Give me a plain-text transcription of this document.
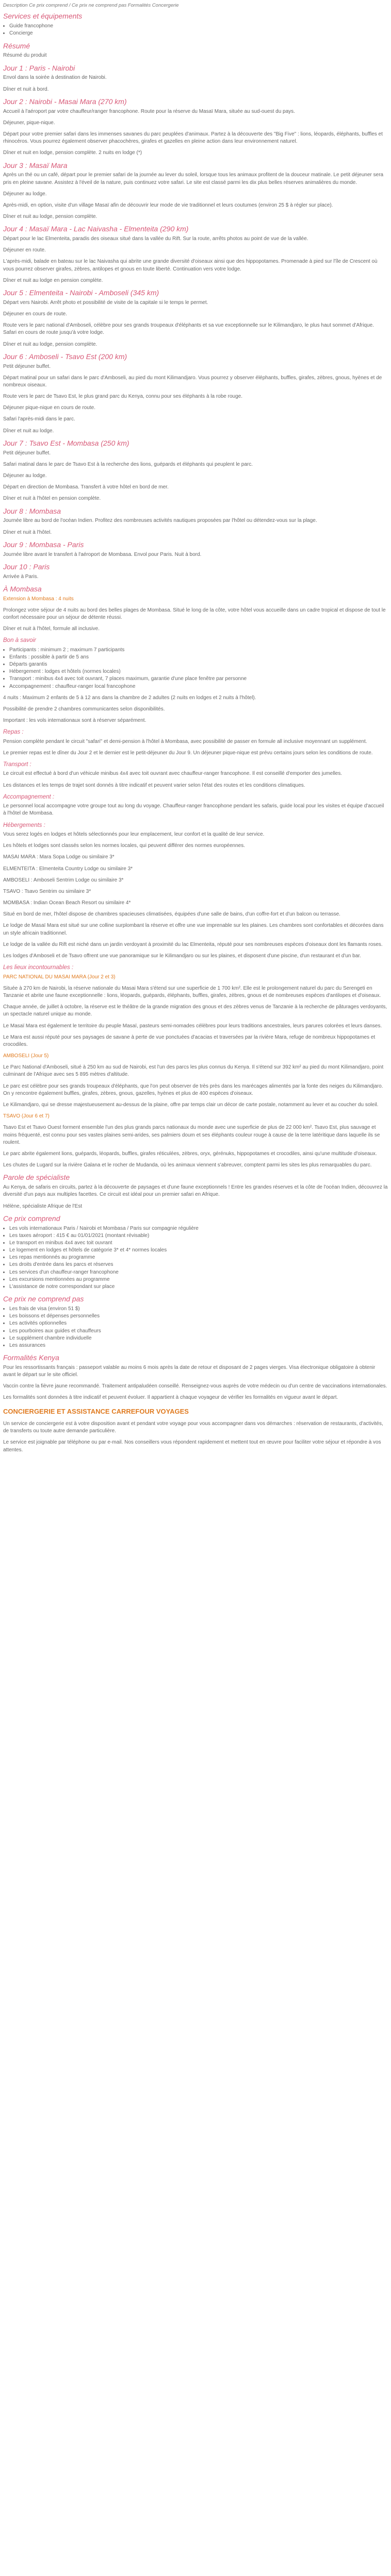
Description Ce prix comprend / Ce prix ne comprend pas Formalités Concergerie
Services et équipements
• Guide francophone
• Concierge
Résumé

Résumé du produit

Jour 1 : Paris - Nairobi

Envol dans la soirée à destination de Nairobi.

Dîner et nuit à bord.

Jour 2 : Nairobi - Masai Mara (270 km)

Accueil à l'aéroport par votre chauffeur/ranger francophone. Route pour la réserve du Masaï Mara, située au sud-ouest du pays.

Déjeuner, pique-nique.

Départ pour votre premier safari dans les immenses savanes du parc peuplées d'animaux. Partez à la découverte des "Big Five" : lions, léopards, éléphants, buffles et rhinocéros. Vous pourrez également observer phacochères, girafes et gazelles en pleine action dans leur environnement naturel.

Dîner et nuit en lodge, pension complète. 2 nuits en lodge (*)

Jour 3 : Masaï Mara

Après un thé ou un café, départ pour le premier safari de la journée au lever du soleil, lorsque tous les animaux profitent de la douceur matinale. Le petit déjeuner sera pris en pleine savane. Assistez à l'éveil de la nature, puis continuez votre safari. Le site est classé parmi les dix plus belles réserves animalières du monde.

Déjeuner au lodge.

Après-midi, en option, visite d'un village Masaï afin de découvrir leur mode de vie traditionnel et leurs coutumes (environ 25 $ à régler sur place).

Dîner et nuit au lodge, pension complète.

Jour 4 : Masaï Mara - Lac Naivasha - Elmenteita (290 km)

Départ pour le lac Elmenteita, paradis des oiseaux situé dans la vallée du Rift. Sur la route, arrêts photos au point de vue de la vallée.

Déjeuner en route.

L'après-midi, balade en bateau sur le lac Naivasha qui abrite une grande diversité d'oiseaux ainsi que des hippopotames. Promenade à pied sur l'île de Crescent où vous pourrez observer girafes, zèbres, antilopes et gnous en toute liberté. Continuation vers votre lodge.

Dîner et nuit au lodge en pension complète.

Jour 5 : Elmenteita - Nairobi - Amboseli (345 km)

Départ vers Nairobi. Arrêt photo et possibilité de visite de la capitale si le temps le permet.

Déjeuner en cours de route.

Route vers le parc national d'Amboseli, célèbre pour ses grands troupeaux d'éléphants et sa vue exceptionnelle sur le Kilimandjaro, le plus haut sommet d'Afrique. Safari en cours de route jusqu'à votre lodge.

Dîner et nuit au lodge, pension complète.

Jour 6 : Amboseli - Tsavo Est (200 km)

Petit déjeuner buffet.

Départ matinal pour un safari dans le parc d'Amboseli, au pied du mont Kilimandjaro. Vous pourrez y observer éléphants, buffles, girafes, zèbres, gnous, hyènes et de nombreux oiseaux.

Route vers le parc de Tsavo Est, le plus grand parc du Kenya, connu pour ses éléphants à la robe rouge.

Déjeuner pique-nique en cours de route.

Safari l'après-midi dans le parc.

Dîner et nuit au lodge.

Jour 7 : Tsavo Est - Mombasa (250 km)

Petit déjeuner buffet.

Safari matinal dans le parc de Tsavo Est à la recherche des lions, guépards et éléphants qui peuplent le parc.

Déjeuner au lodge.

Départ en direction de Mombasa. Transfert à votre hôtel en bord de mer.

Dîner et nuit à l'hôtel en pension complète.

Jour 8 : Mombasa

Journée libre au bord de l'océan Indien. Profitez des nombreuses activités nautiques proposées par l'hôtel ou détendez-vous sur la plage.

Dîner et nuit à l'hôtel.

Jour 9 : Mombasa - Paris

Journée libre avant le transfert à l'aéroport de Mombasa. Envol pour Paris. Nuit à bord.

Jour 10 : Paris

Arrivée à Paris.

À Mombasa

Extension à Mombasa : 4 nuits

Prolongez votre séjour de 4 nuits au bord des belles plages de Mombasa. Situé le long de la côte, votre hôtel vous accueille dans un cadre tropical et dispose de tout le confort nécessaire pour un séjour de détente réussi.

Dîner et nuit à l'hôtel, formule all inclusive.

Bon à savoir
• Participants : minimum 2 ; maximum 7 participants
• Enfants : possible à partir de 5 ans
• Départs garantis
• Hébergement : lodges et hôtels (normes locales)
• Transport : minibus 4x4 avec toit ouvrant, 7 places maximum, garantie d'une place fenêtre par personne
• Accompagnement : chauffeur-ranger local francophone

4 nuits : Maximum 2 enfants de 5 à 12 ans dans la chambre de 2 adultes (2 nuits en lodges et 2 nuits à l'hôtel).

Possibilité de prendre 2 chambres communicantes selon disponibilités.

Important : les vols internationaux sont à réserver séparément.

Repas :

Pension complète pendant le circuit "safari" et demi-pension à l'hôtel à Mombasa, avec possibilité de passer en formule all inclusive moyennant un supplément.

Le premier repas est le dîner du Jour 2 et le dernier est le petit-déjeuner du Jour 9. Un déjeuner pique-nique est prévu certains jours selon les conditions de route.

Transport :

Le circuit est effectué à bord d'un véhicule minibus 4x4 avec toit ouvrant avec chauffeur-ranger francophone. Il est conseillé d'emporter des jumelles.

Les distances et les temps de trajet sont donnés à titre indicatif et peuvent varier selon l'état des routes et les conditions climatiques.

Accompagnement :

Le personnel local accompagne votre groupe tout au long du voyage. Chauffeur-ranger francophone pendant les safaris, guide local pour les visites et équipe d'accueil à l'hôtel de Mombasa.

Hébergements :

Vous serez logés en lodges et hôtels sélectionnés pour leur emplacement, leur confort et la qualité de leur service.

Les hôtels et lodges sont classés selon les normes locales, qui peuvent différer des normes européennes.

MASAI MARA : Mara Sopa Lodge ou similaire 3*

ELMENTEITA : Elmenteita Country Lodge ou similaire 3*

AMBOSELI : Amboseli Sentrim Lodge ou similaire 3*

TSAVO : Tsavo Sentrim ou similaire 3*

MOMBASA : Indian Ocean Beach Resort ou similaire 4*

Situé en bord de mer, l'hôtel dispose de chambres spacieuses climatisées, équipées d'une salle de bains, d'un coffre-fort et d'un balcon ou terrasse.

Le lodge de Masaï Mara est situé sur une colline surplombant la réserve et offre une vue imprenable sur les plaines. Les chambres sont confortables et décorées dans un style africain traditionnel.

Le lodge de la vallée du Rift est niché dans un jardin verdoyant à proximité du lac Elmenteita, réputé pour ses nombreuses espèces d'oiseaux dont les flamants roses.

Les lodges d'Amboseli et de Tsavo offrent une vue panoramique sur le Kilimandjaro ou sur les plaines, et disposent d'une piscine, d'un restaurant et d'un bar.

Les lieux incontournables :

PARC NATIONAL DU MASAI MARA (Jour 2 et 3)

Située à 270 km de Nairobi, la réserve nationale du Masai Mara s'étend sur une superficie de 1 700 km². Elle est le prolongement naturel du parc du Serengeti en Tanzanie et abrite une faune exceptionnelle : lions, léopards, guépards, éléphants, buffles, girafes, zèbres, gnous et de nombreuses espèces d'antilopes et d'oiseaux.

Chaque année, de juillet à octobre, la réserve est le théâtre de la grande migration des gnous et des zèbres venus de Tanzanie à la recherche de pâturages verdoyants, un spectacle naturel unique au monde.

Le Masaï Mara est également le territoire du peuple Masaï, pasteurs semi-nomades célèbres pour leurs traditions ancestrales, leurs parures colorées et leurs danses.

Le Mara est aussi réputé pour ses paysages de savane à perte de vue ponctuées d'acacias et traversées par la rivière Mara, refuge de nombreux hippopotames et crocodiles.

AMBOSELI (Jour 5)

Le Parc National d'Amboseli, situé à 250 km au sud de Nairobi, est l'un des parcs les plus connus du Kenya. Il s'étend sur 392 km² au pied du mont Kilimandjaro, point culminant de l'Afrique avec ses 5 895 mètres d'altitude.

Le parc est célèbre pour ses grands troupeaux d'éléphants, que l'on peut observer de très près dans les marécages alimentés par la fonte des neiges du Kilimandjaro. On y rencontre également buffles, girafes, zèbres, gnous, gazelles, hyènes et plus de 400 espèces d'oiseaux.

Le Kilimandjaro, qui se dresse majestueusement au-dessus de la plaine, offre par temps clair un décor de carte postale, notamment au lever et au coucher du soleil.

TSAVO (Jour 6 et 7)

Tsavo Est et Tsavo Ouest forment ensemble l'un des plus grands parcs nationaux du monde avec une superficie de plus de 22 000 km². Tsavo Est, plus sauvage et moins fréquenté, est connu pour ses vastes plaines semi-arides, ses palmiers doum et ses éléphants couleur rouge à cause de la terre latéritique dans laquelle ils se roulent.

Le parc abrite également lions, guépards, léopards, buffles, girafes réticulées, zèbres, oryx, gérénuks, hippopotames et crocodiles, ainsi qu'une multitude d'oiseaux.

Les chutes de Lugard sur la rivière Galana et le rocher de Mudanda, où les animaux viennent s'abreuver, comptent parmi les sites les plus remarquables du parc.

Parole de spécialiste

Au Kenya, de safaris en circuits, partez à la découverte de paysages et d'une faune exceptionnels ! Entre les grandes réserves et la côte de l'océan Indien, découvrez la diversité d'un pays aux multiples facettes. Ce circuit est idéal pour un premier safari en Afrique.

Hélène, spécialiste Afrique de l'Est

Ce prix comprend
• Les vols internationaux Paris / Nairobi et Mombasa / Paris sur compagnie régulière
• Les taxes aéroport : 415 € au 01/01/2021 (montant révisable)
• Le transport en minibus 4x4 avec toit ouvrant
• Le logement en lodges et hôtels de catégorie 3* et 4* normes locales
• Les repas mentionnés au programme
• Les droits d'entrée dans les parcs et réserves
• Les services d'un chauffeur-ranger francophone
• Les excursions mentionnées au programme
• L'assistance de notre correspondant sur place
Ce prix ne comprend pas
• Les frais de visa (environ 51 $)
• Les boissons et dépenses personnelles
• Les activités optionnelles
• Les pourboires aux guides et chauffeurs
• Le supplément chambre individuelle
• Les assurances
Formalités Kenya

Pour les ressortissants français : passeport valable au moins 6 mois après la date de retour et disposant de 2 pages vierges. Visa électronique obligatoire à obtenir avant le départ sur le site officiel.

Vaccin contre la fièvre jaune recommandé. Traitement antipaludéen conseillé. Renseignez-vous auprès de votre médecin ou d'un centre de vaccinations internationales.

Les formalités sont données à titre indicatif et peuvent évoluer. Il appartient à chaque voyageur de vérifier les formalités en vigueur avant le départ.

CONCIERGERIE ET ASSISTANCE CARREFOUR VOYAGES

Un service de conciergerie est à votre disposition avant et pendant votre voyage pour vous accompagner dans vos démarches : réservation de restaurants, d'activités, de transferts ou toute autre demande particulière.

Le service est joignable par téléphone ou par e-mail. Nos conseillers vous répondent rapidement et mettent tout en œuvre pour faciliter votre séjour et répondre à vos attentes.
